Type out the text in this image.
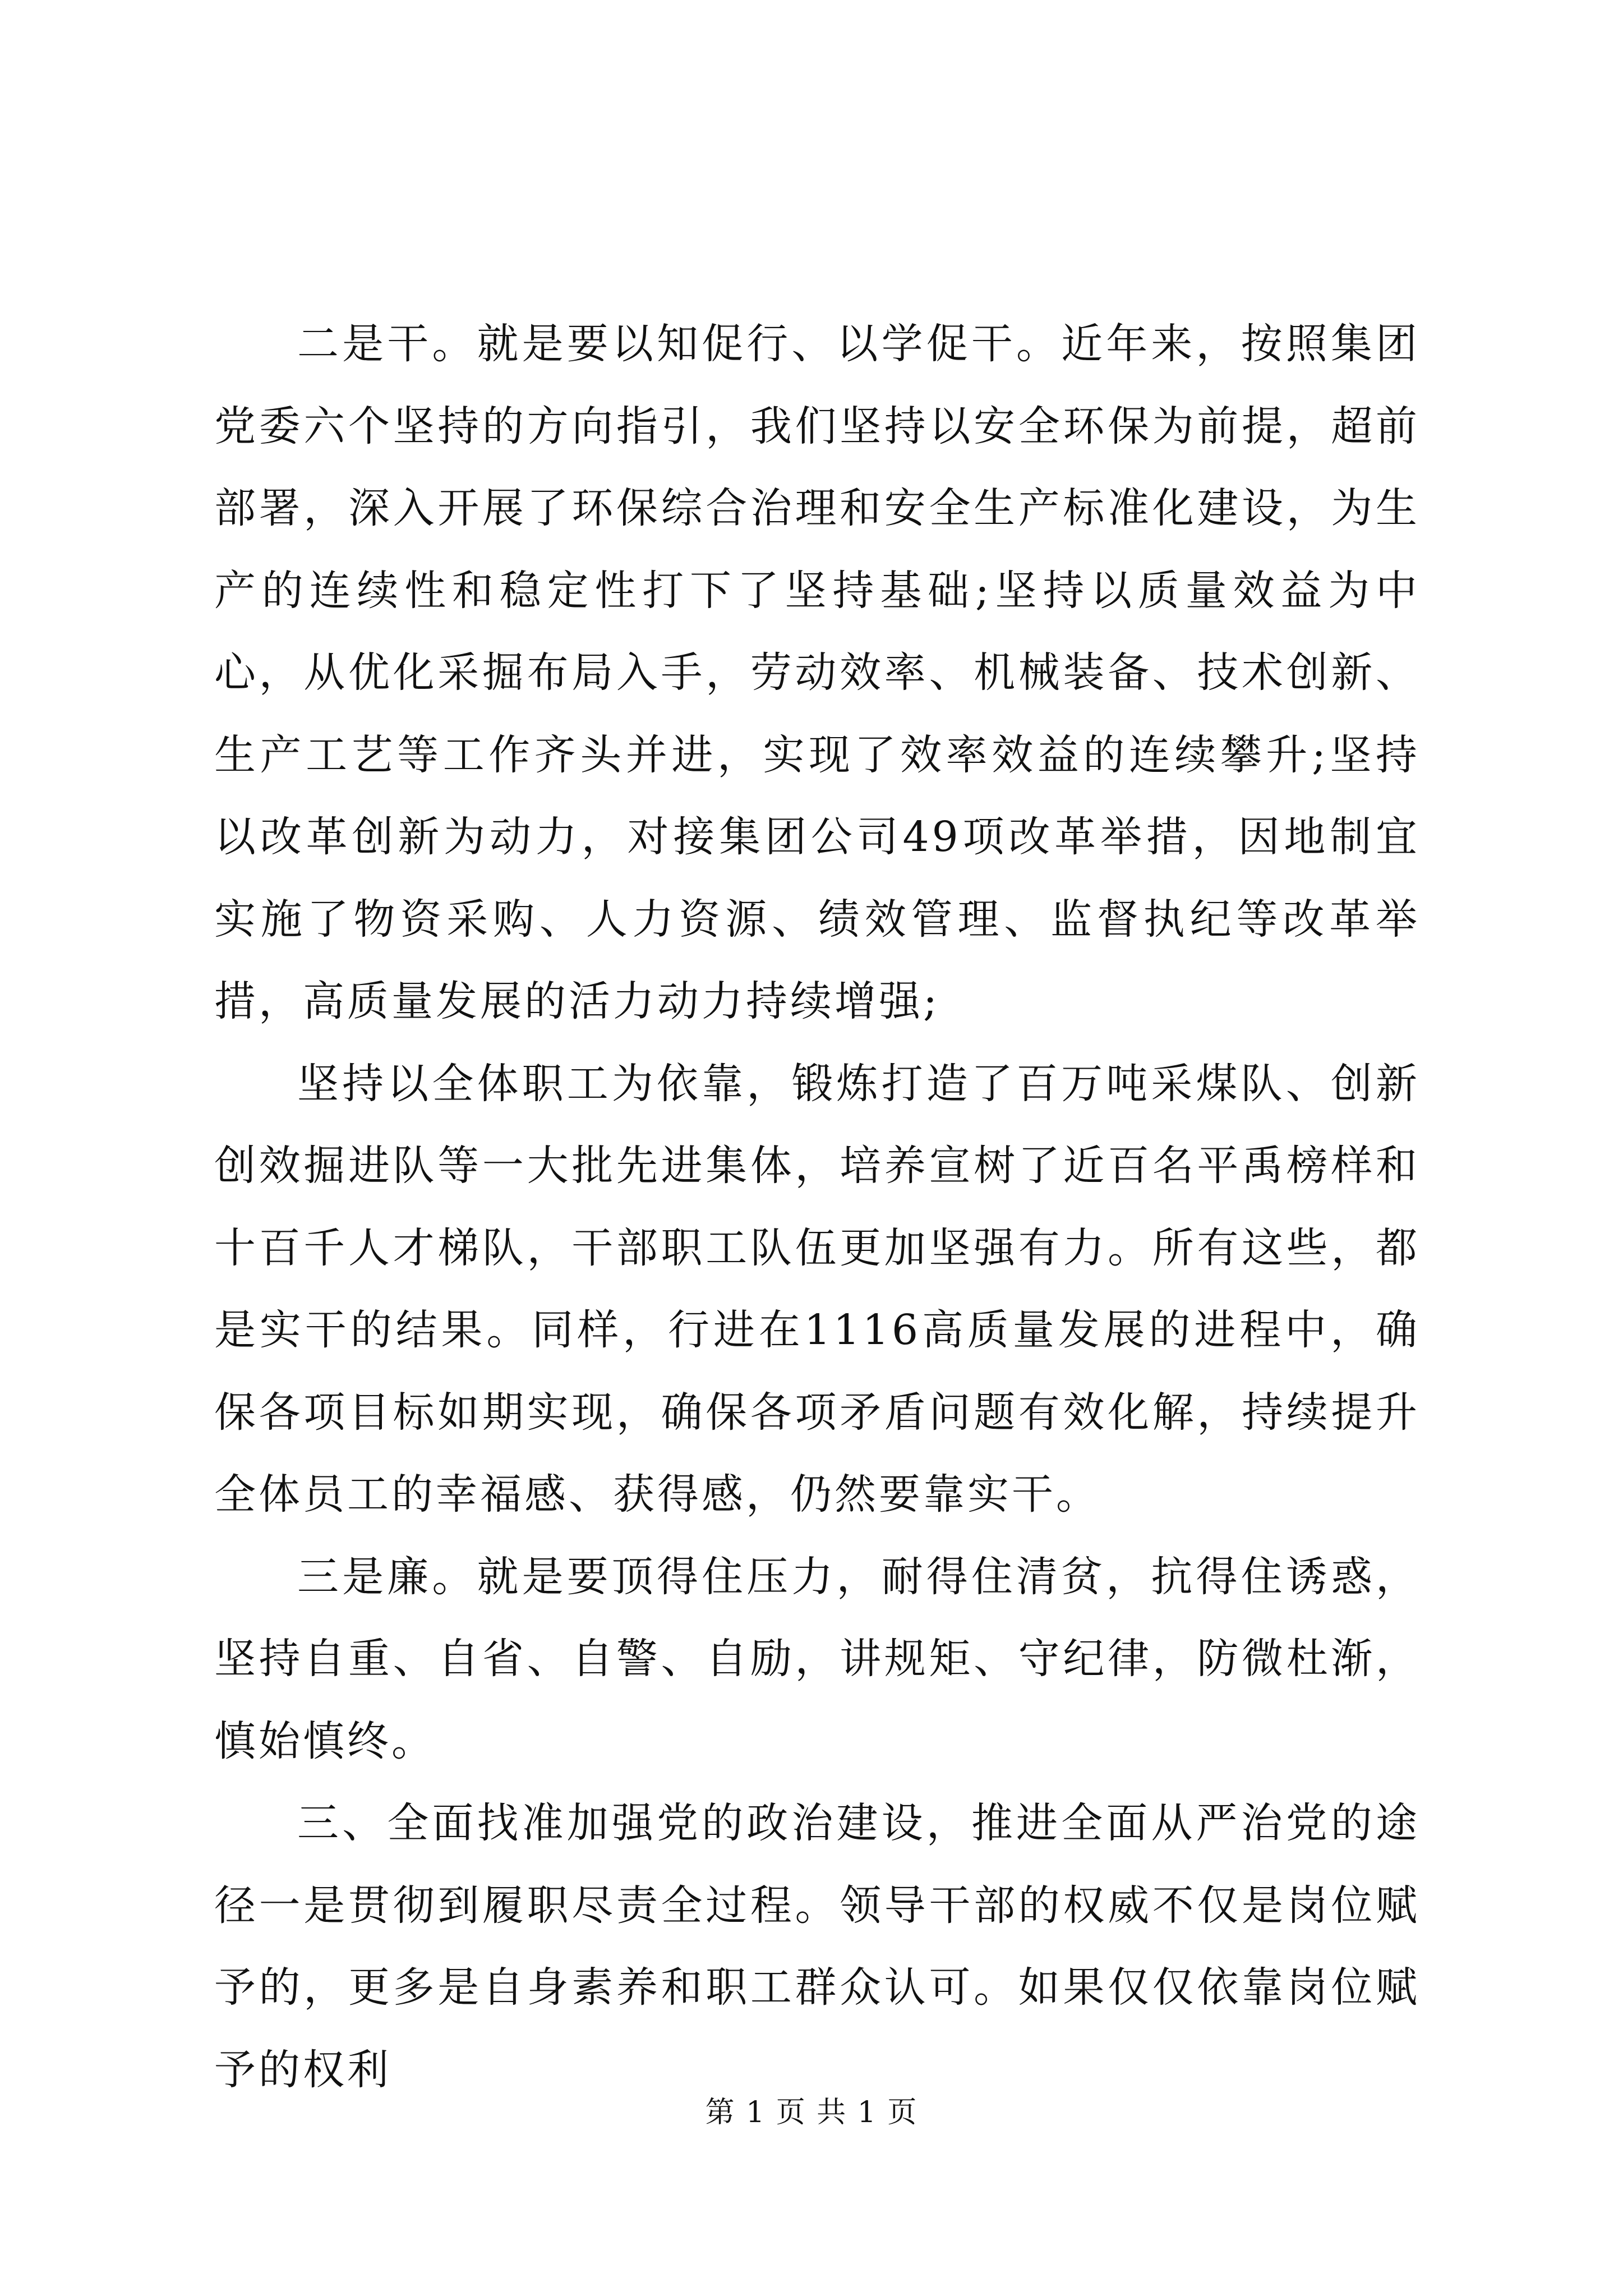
二是干。就是要以知促行、以学促干。近年来，按照集团党委六个坚持的方向指引，我们坚持以安全环保为前提，超前部署，深入开展了环保综合治理和安全生产标准化建设，为生产的连续性和稳定性打下了坚持基础;坚持以质量效益为中心，从优化采掘布局入手，劳动效率、机械装备、技术创新、生产工艺等工作齐头并进，实现了效率效益的连续攀升;坚持以改革创新为动力，对接集团公司49项改革举措，因地制宜实施了物资采购、人力资源、绩效管理、监督执纪等改革举措，高质量发展的活力动力持续增强;

坚持以全体职工为依靠，锻炼打造了百万吨采煤队、创新创效掘进队等一大批先进集体，培养宣树了近百名平禹榜样和十百千人才梯队，干部职工队伍更加坚强有力。所有这些，都是实干的结果。同样，行进在1116高质量发展的进程中，确保各项目标如期实现，确保各项矛盾问题有效化解，持续提升全体员工的幸福感、获得感，仍然要靠实干。

三是廉。就是要顶得住压力，耐得住清贫，抗得住诱惑，坚持自重、自省、自警、自励，讲规矩、守纪律，防微杜渐，慎始慎终。

三、全面找准加强党的政治建设，推进全面从严治党的途径一是贯彻到履职尽责全过程。领导干部的权威不仅是岗位赋予的，更多是自身素养和职工群众认可。如果仅仅依靠岗位赋予的权利

第 1 页 共 1 页
